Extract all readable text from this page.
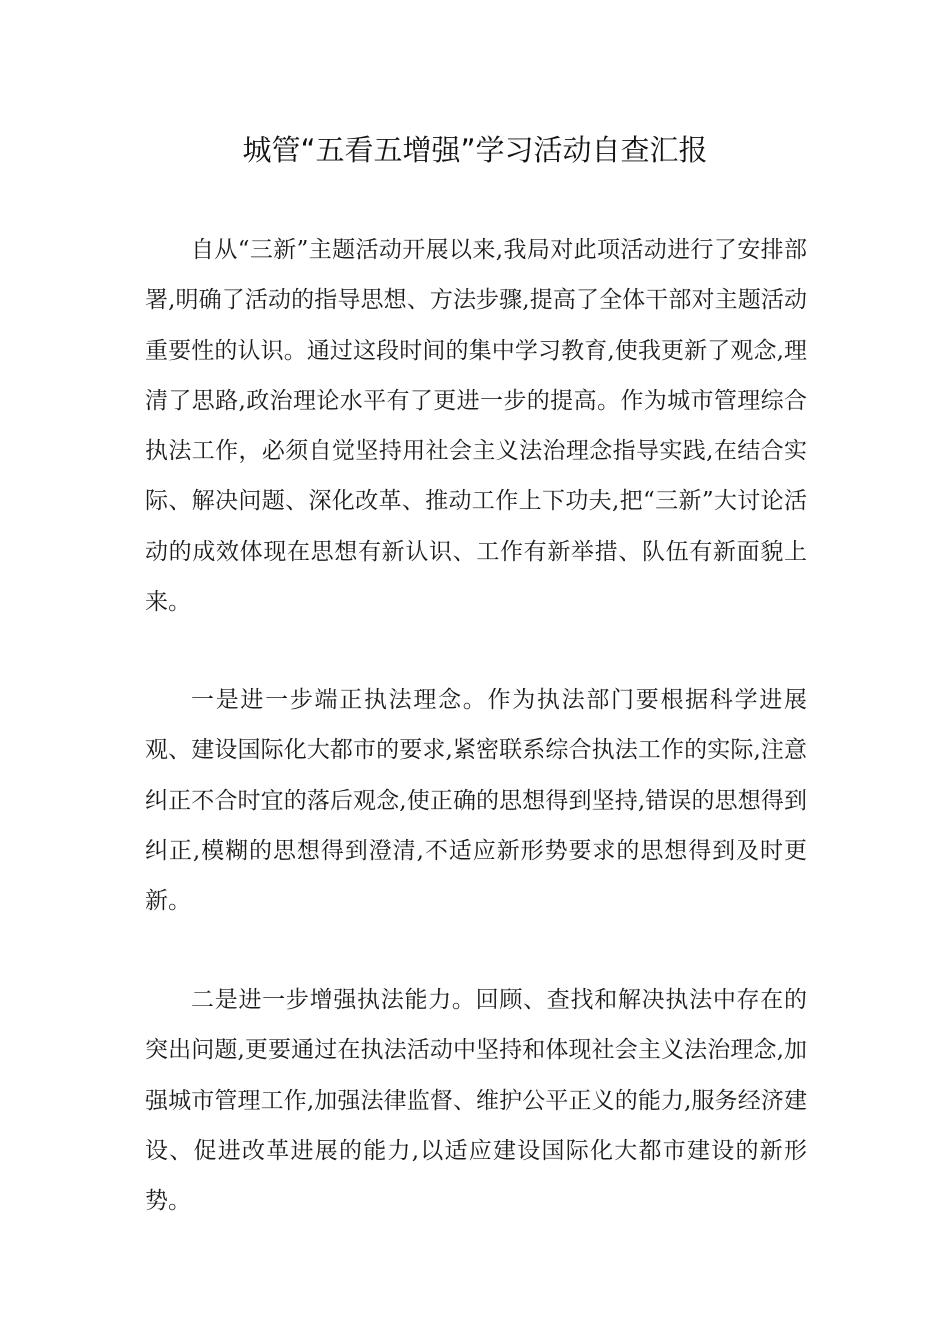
城管“五看五增强”学习活动自查汇报

自从“三新”主题活动开展以来,我局对此项活动进行了安排部署,明确了活动的指导思想、方法步骤,提高了全体干部对主题活动重要性的认识。通过这段时间的集中学习教育,使我更新了观念,理清了思路,政治理论水平有了更进一步的提高。作为城市管理综合执法工作，必须自觉坚持用社会主义法治理念指导实践,在结合实际、解决问题、深化改革、推动工作上下功夫,把“三新”大讨论活动的成效体现在思想有新认识、工作有新举措、队伍有新面貌上来。

一是进一步端正执法理念。作为执法部门要根据科学进展观、建设国际化大都市的要求,紧密联系综合执法工作的实际,注意纠正不合时宜的落后观念,使正确的思想得到坚持,错误的思想得到纠正,模糊的思想得到澄清,不适应新形势要求的思想得到及时更新。

二是进一步增强执法能力。回顾、查找和解决执法中存在的突出问题,更要通过在执法活动中坚持和体现社会主义法治理念,加强城市管理工作,加强法律监督、维护公平正义的能力,服务经济建设、促进改革进展的能力,以适应建设国际化大都市建设的新形势。
